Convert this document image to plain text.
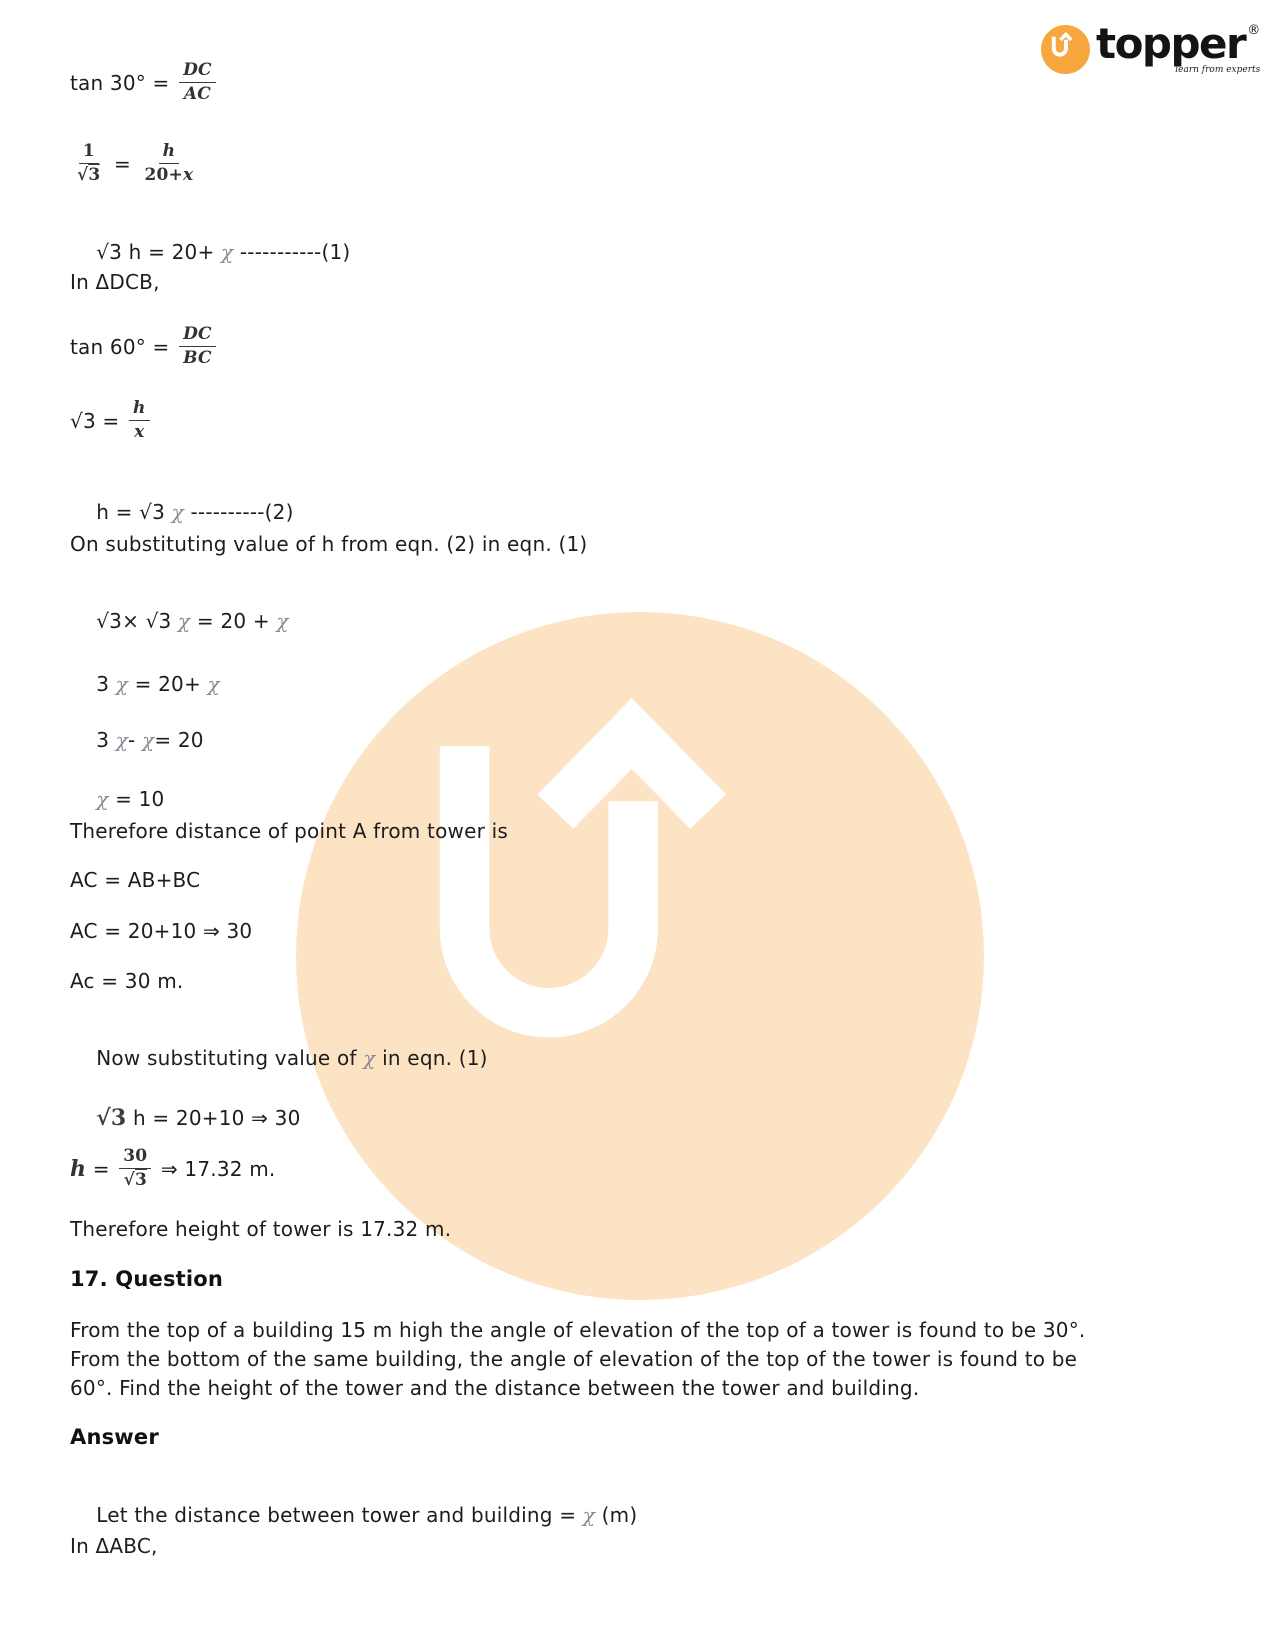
topper ®
learn from experts
$\tan 30^\circ = \frac{DC}{AC}$
$\frac{1}{√3} = \frac{h}{20+x}$

√3 h = 20+ χ -----------(1)

In ΔDCB,
$\tan 60^\circ = \frac{DC}{BC}$
$√3 = \frac{h}{x}$

h = √3 χ ----------(2)

On substituting value of h from eqn. (2) in eqn. (1)

√3× √3 χ = 20 + χ

3 χ = 20+ χ

3 χ- χ= 20

χ = 10

Therefore distance of point A from tower is
AC = AB+BC
AC = 20+10 ⇒ 30
Ac = 30 m.

Now substituting value of χ in eqn. (1)

√3 h = 20+10 ⇒ 30

$h = \frac{30}{√3}$ ⇒ 17.32 m.
Therefore height of tower is 17.32 m.
17. Question
From the top of a building 15 m high the angle of elevation of the top of a tower is found to be 30°.
From the bottom of the same building, the angle of elevation of the top of the tower is found to be
60°. Find the height of the tower and the distance between the tower and building.
Answer

Let the distance between tower and building = χ (m)

In ΔABC,
